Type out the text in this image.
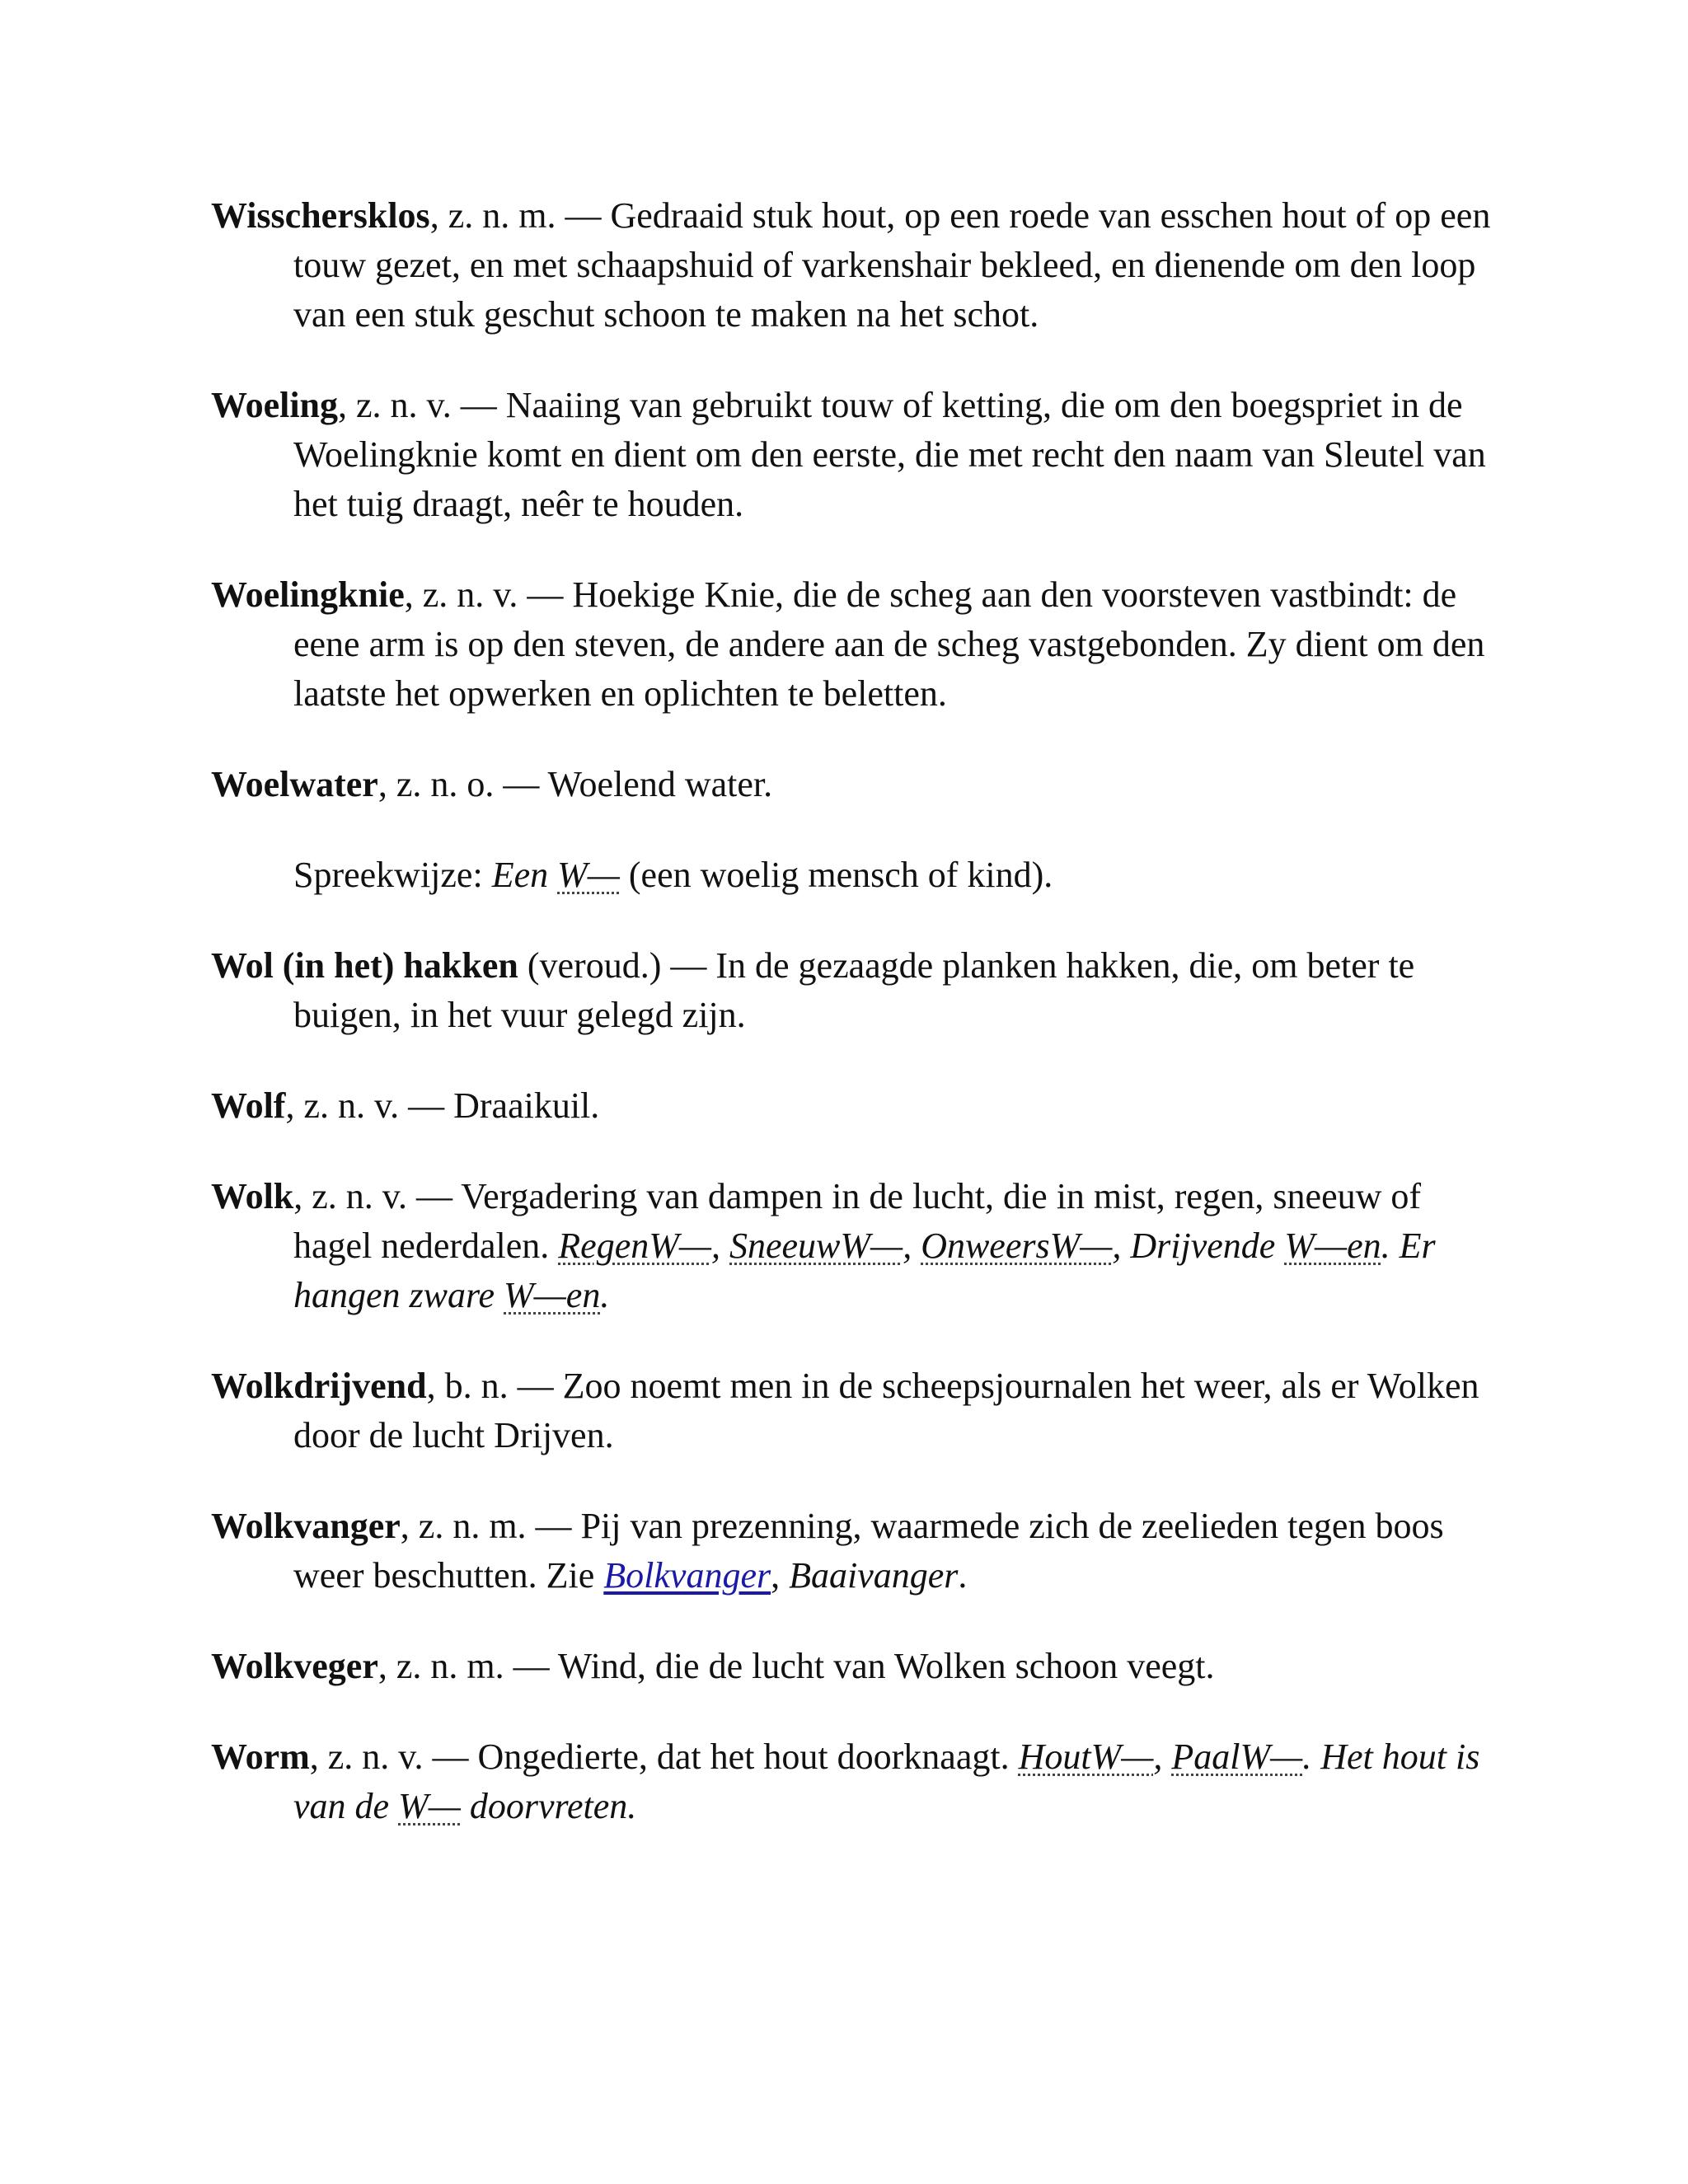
Wisschersklos, z. n. m. — Gedraaid stuk hout, op een roede van esschen hout of op een touw gezet, en met schaapshuid of varkenshair bekleed, en dienende om den loop van een stuk geschut schoon te maken na het schot.

Woeling, z. n. v. — Naaiing van gebruikt touw of ketting, die om den boegspriet in de Woelingknie komt en dient om den eerste, die met recht den naam van Sleutel van het tuig draagt, neêr te houden.

Woelingknie, z. n. v. — Hoekige Knie, die de scheg aan den voorsteven vastbindt: de eene arm is op den steven, de andere aan de scheg vastgebonden. Zy dient om den laatste het opwerken en oplichten te beletten.

Woelwater, z. n. o. — Woelend water.

Spreekwijze: Een W— (een woelig mensch of kind).

Wol (in het) hakken (veroud.) — In de gezaagde planken hakken, die, om beter te buigen, in het vuur gelegd zijn.

Wolf, z. n. v. — Draaikuil.

Wolk, z. n. v. — Vergadering van dampen in de lucht, die in mist, regen, sneeuw of hagel nederdalen. RegenW—, SneeuwW—, OnweersW—, Drijvende W—en. Er hangen zware W—en.

Wolkdrijvend, b. n. — Zoo noemt men in de scheepsjournalen het weer, als er Wolken door de lucht Drijven.

Wolkvanger, z. n. m. — Pij van prezenning, waarmede zich de zeelieden tegen boos weer beschutten. Zie Bolkvanger, Baaivanger.

Wolkveger, z. n. m. — Wind, die de lucht van Wolken schoon veegt.

Worm, z. n. v. — Ongedierte, dat het hout doorknaagt. HoutW—, PaalW—. Het hout is van de W— doorvreten.
